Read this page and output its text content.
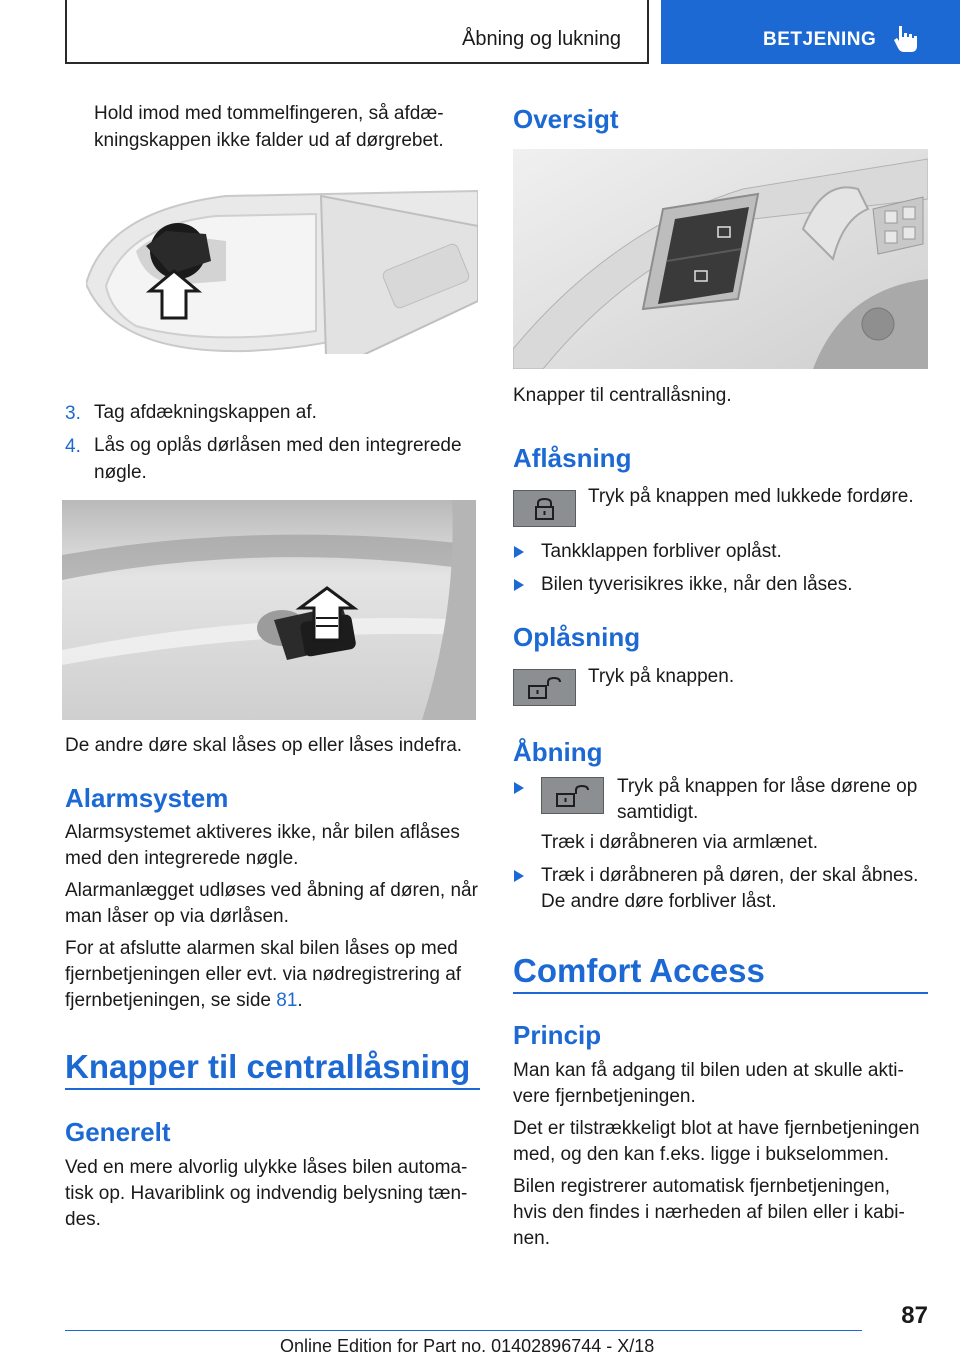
Åbning og lukning	BETJENING
Hold imod med tommelfingeren, så afdæ-
kningskappen ikke falder ud af dørgrebet.
3. Tag afdækningskappen af.
4. Lås og oplås dørlåsen med den integrerede
nøgle.
De andre døre skal låses op eller låses indefra.
Alarmsystem
Alarmsystemet aktiveres ikke, når bilen aflåses
med den integrerede nøgle.
Alarmanlægget udløses ved åbning af døren, når
man låser op via dørlåsen.
For at afslutte alarmen skal bilen låses op med
fjernbetjeningen eller evt. via nødregistrering af
fjernbetjeningen, se side 81.
Knapper til centrallåsning
Generelt
Ved en mere alvorlig ulykke låses bilen automa-
tisk op. Havariblink og indvendig belysning tæn-
des.
Oversigt
Knapper til centrallåsning.
Aflåsning
Tryk på knappen med lukkede fordøre.
Tankklappen forbliver oplåst.
Bilen tyverisikres ikke, når den låses.
Oplåsning
Tryk på knappen.
Åbning
Tryk på knappen for låse dørene op
samtidigt.
Træk i døråbneren via armlænet.
Træk i døråbneren på døren, der skal åbnes.
De andre døre forbliver låst.
Comfort Access
Princip
Man kan få adgang til bilen uden at skulle akti-
vere fjernbetjeningen.
Det er tilstrækkeligt blot at have fjernbetjeningen
med, og den kan f.eks. ligge i bukselommen.
Bilen registrerer automatisk fjernbetjeningen,
hvis den findes i nærheden af bilen eller i kabi-
nen.
87
Online Edition for Part no. 01402896744 - X/18
